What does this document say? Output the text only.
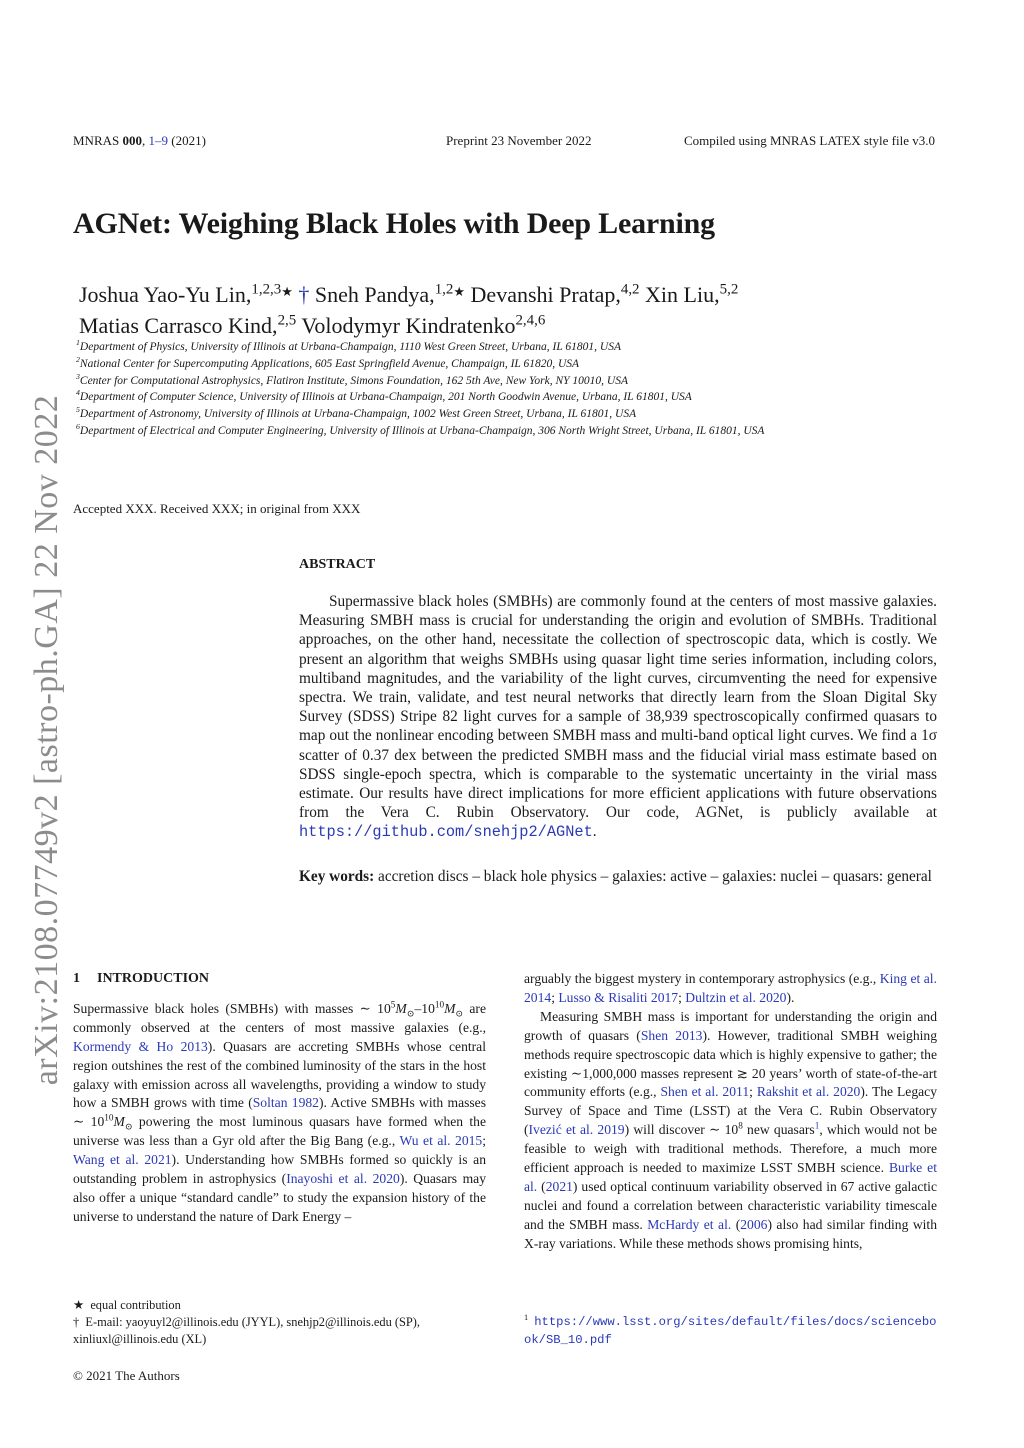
arXiv:2108.07749v2 [astro-ph.GA] 22 Nov 2022
MNRAS 000, 1–9 (2021)	Preprint 23 November 2022	Compiled using MNRAS LATEX style file v3.0
AGNet: Weighing Black Holes with Deep Learning
Joshua Yao-Yu Lin,$^{1,2,3★}$ † Sneh Pandya,$^{1,2★}$ Devanshi Pratap,$^{4,2}$ Xin Liu,$^{5,2}$
Matias Carrasco Kind,$^{2,5}$ Volodymyr Kindratenko$^{2,4,6}$
$^1$Department of Physics, University of Illinois at Urbana-Champaign, 1110 West Green Street, Urbana, IL 61801, USA
$^2$National Center for Supercomputing Applications, 605 East Springfield Avenue, Champaign, IL 61820, USA
$^3$Center for Computational Astrophysics, Flatiron Institute, Simons Foundation, 162 5th Ave, New York, NY 10010, USA
$^4$Department of Computer Science, University of Illinois at Urbana-Champaign, 201 North Goodwin Avenue, Urbana, IL 61801, USA
$^5$Department of Astronomy, University of Illinois at Urbana-Champaign, 1002 West Green Street, Urbana, IL 61801, USA
$^6$Department of Electrical and Computer Engineering, University of Illinois at Urbana-Champaign, 306 North Wright Street, Urbana, IL 61801, USA
Accepted XXX. Received XXX; in original from XXX
ABSTRACT

Supermassive black holes (SMBHs) are commonly found at the centers of most massive galaxies. Measuring SMBH mass is crucial for understanding the origin and evolution of SMBHs. Traditional approaches, on the other hand, necessitate the collection of spectroscopic data, which is costly. We present an algorithm that weighs SMBHs using quasar light time series information, including colors, multiband magnitudes, and the variability of the light curves, circumventing the need for expensive spectra. We train, validate, and test neural networks that directly learn from the Sloan Digital Sky Survey (SDSS) Stripe 82 light curves for a sample of 38,939 spectroscopically confirmed quasars to map out the nonlinear encoding between SMBH mass and multi-band optical light curves. We find a 1σ scatter of 0.37 dex between the predicted SMBH mass and the fiducial virial mass estimate based on SDSS single-epoch spectra, which is comparable to the systematic uncertainty in the virial mass estimate. Our results have direct implications for more efficient applications with future observations from the Vera C. Rubin Observatory. Our code, AGNet, is publicly available at https://github.com/snehjp2/AGNet.

Key words: accretion discs – black hole physics – galaxies: active – galaxies: nuclei – quasars: general
1 INTRODUCTION

Supermassive black holes (SMBHs) with masses ∼ $10^5M_⊙-10^{10}M_⊙$ are commonly observed at the centers of most massive galaxies (e.g., Kormendy & Ho 2013). Quasars are accreting SMBHs whose central region outshines the rest of the combined luminosity of the stars in the host galaxy with emission across all wavelengths, providing a window to study how a SMBH grows with time (Soltan 1982). Active SMBHs with masses ∼ $10^{10}M_⊙$ powering the most luminous quasars have formed when the universe was less than a Gyr old after the Big Bang (e.g., Wu et al. 2015; Wang et al. 2021). Understanding how SMBHs formed so quickly is an outstanding problem in astrophysics (Inayoshi et al. 2020). Quasars may also offer a unique “standard candle” to study the expansion history of the universe to understand the nature of Dark Energy –

arguably the biggest mystery in contemporary astrophysics (e.g., King et al. 2014; Lusso & Risaliti 2017; Dultzin et al. 2020).

Measuring SMBH mass is important for understanding the origin and growth of quasars (Shen 2013). However, traditional SMBH weighing methods require spectroscopic data which is highly expensive to gather; the existing ∼1,000,000 masses represent ≳ 20 years’ worth of state-of-the-art community efforts (e.g., Shen et al. 2011; Rakshit et al. 2020). The Legacy Survey of Space and Time (LSST) at the Vera C. Rubin Observatory (Ivezić et al. 2019) will discover ∼ $10^8$ new quasars$^1$, which would not be feasible to weigh with traditional methods. Therefore, a much more efficient approach is needed to maximize LSST SMBH science. Burke et al. (2021) used optical continuum variability observed in 67 active galactic nuclei and found a correlation between characteristic variability timescale and the SMBH mass. McHardy et al. (2006) also had similar finding with X-ray variations. While these methods shows promising hints,

★ equal contribution
† E-mail: yaoyuyl2@illinois.edu (JYYL), snehjp2@illinois.edu (SP), xinliuxl@illinois.edu (XL)
$^1$ https://www.lsst.org/sites/default/files/docs/sciencebook/SB_10.pdf
© 2021 The Authors
